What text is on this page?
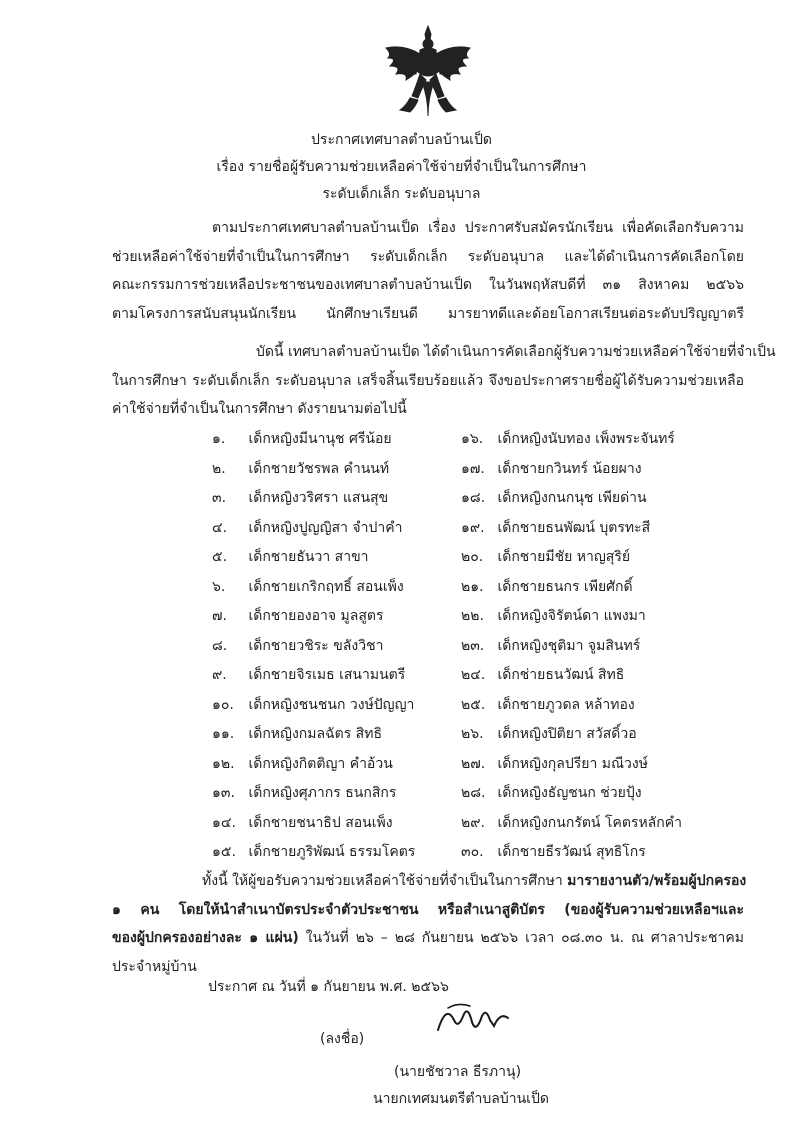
ประกาศเทศบาลตำบลบ้านเป็ด
เรื่อง รายชื่อผู้รับความช่วยเหลือค่าใช้จ่ายที่จำเป็นในการศึกษา
ระดับเด็กเล็ก ระดับอนุบาล
ตามประกาศเทศบาลตำบลบ้านเป็ด เรื่อง ประกาศรับสมัครนักเรียน เพื่อคัดเลือกรับความ
ช่วยเหลือค่าใช้จ่ายที่จำเป็นในการศึกษา ระดับเด็กเล็ก ระดับอนุบาล และได้ดำเนินการคัดเลือกโดย
คณะกรรมการช่วยเหลือประชาชนของเทศบาลตำบลบ้านเป็ด ในวันพฤหัสบดีที่ ๓๑ สิงหาคม ๒๕๖๖
ตามโครงการสนับสนุนนักเรียน นักศึกษาเรียนดี มารยาทดีและด้อยโอกาสเรียนต่อระดับปริญญาตรี
บัดนี้ เทศบาลตำบลบ้านเป็ด ได้ดำเนินการคัดเลือกผู้รับความช่วยเหลือค่าใช้จ่ายที่จำเป็น
ในการศึกษา ระดับเด็กเล็ก ระดับอนุบาล เสร็จสิ้นเรียบร้อยแล้ว จึงขอประกาศรายชื่อผู้ได้รับความช่วยเหลือ
ค่าใช้จ่ายที่จำเป็นในการศึกษา ดังรายนามต่อไปนี้
๑. เด็กหญิงมีนานุช ศรีน้อย	๑๖. เด็กหญิงนับทอง เพ็งพระจันทร์
๒. เด็กชายวัชรพล คำนนท์	๑๗. เด็กชายกวินทร์ น้อยผาง
๓. เด็กหญิงวริศรา แสนสุข	๑๘. เด็กหญิงกนกนุช เพียด่าน
๔. เด็กหญิงปูญญิสา จำปาคำ	๑๙. เด็กชายธนพัฒน์ บุตรทะสี
๕. เด็กชายธันวา สาขา	๒๐. เด็กชายมีชัย หาญสุริย์
๖. เด็กชายเกริกฤทธิ์ สอนเพ็ง	๒๑. เด็กชายธนกร เพียศักดิ์
๗. เด็กชายองอาจ มูลสูตร	๒๒. เด็กหญิงจิรัตน์ดา แพงมา
๘. เด็กชายวชิระ ขลังวิชา	๒๓. เด็กหญิงชุติมา จูมสินทร์
๙. เด็กชายจิรเมธ เสนามนตรี	๒๔. เด็กช่ายธนวัฒน์ สิทธิ
๑๐. เด็กหญิงชนชนก วงษ์ปัญญา	๒๕. เด็กชายภูวดล หล้าทอง
๑๑. เด็กหญิงกมลฉัตร สิทธิ	๒๖. เด็กหญิงปิติยา สวัสดิ์วอ
๑๒. เด็กหญิงกิตติญา คำอ้วน	๒๗. เด็กหญิงกุลปรียา มณีวงษ์
๑๓. เด็กหญิงศุภากร ธนกสิกร	๒๘. เด็กหญิงธัญชนก ช่วยปุ้ง
๑๔. เด็กชายชนาธิป สอนเพ็ง	๒๙. เด็กหญิงกนกรัตน์ โคตรหลักคำ
๑๕. เด็กชายภูริพัฒน์ ธรรมโคตร	๓๐. เด็กชายธีรวัฒน์ สุทธิโกร
ทั้งนี้ ให้ผู้ขอรับความช่วยเหลือค่าใช้จ่ายที่จำเป็นในการศึกษา มารายงานตัว/พร้อมผู้ปกครอง
๑ คน โดยให้นำสำเนาบัตรประจำตัวประชาชน หรือสำเนาสูติบัตร (ของผู้รับความช่วยเหลือฯและ
ของผู้ปกครองอย่างละ ๑ แผ่น) ในวันที่ ๒๖ – ๒๘ กันยายน ๒๕๖๖ เวลา ๐๘.๓๐ น. ณ ศาลาประชาคม
ประจำหมู่บ้าน
ประกาศ ณ วันที่ ๑ กันยายน พ.ศ. ๒๕๖๖
(ลงชื่อ)
(นายชัชวาล ธีรภานุ)
นายกเทศมนตรีตำบลบ้านเป็ด
